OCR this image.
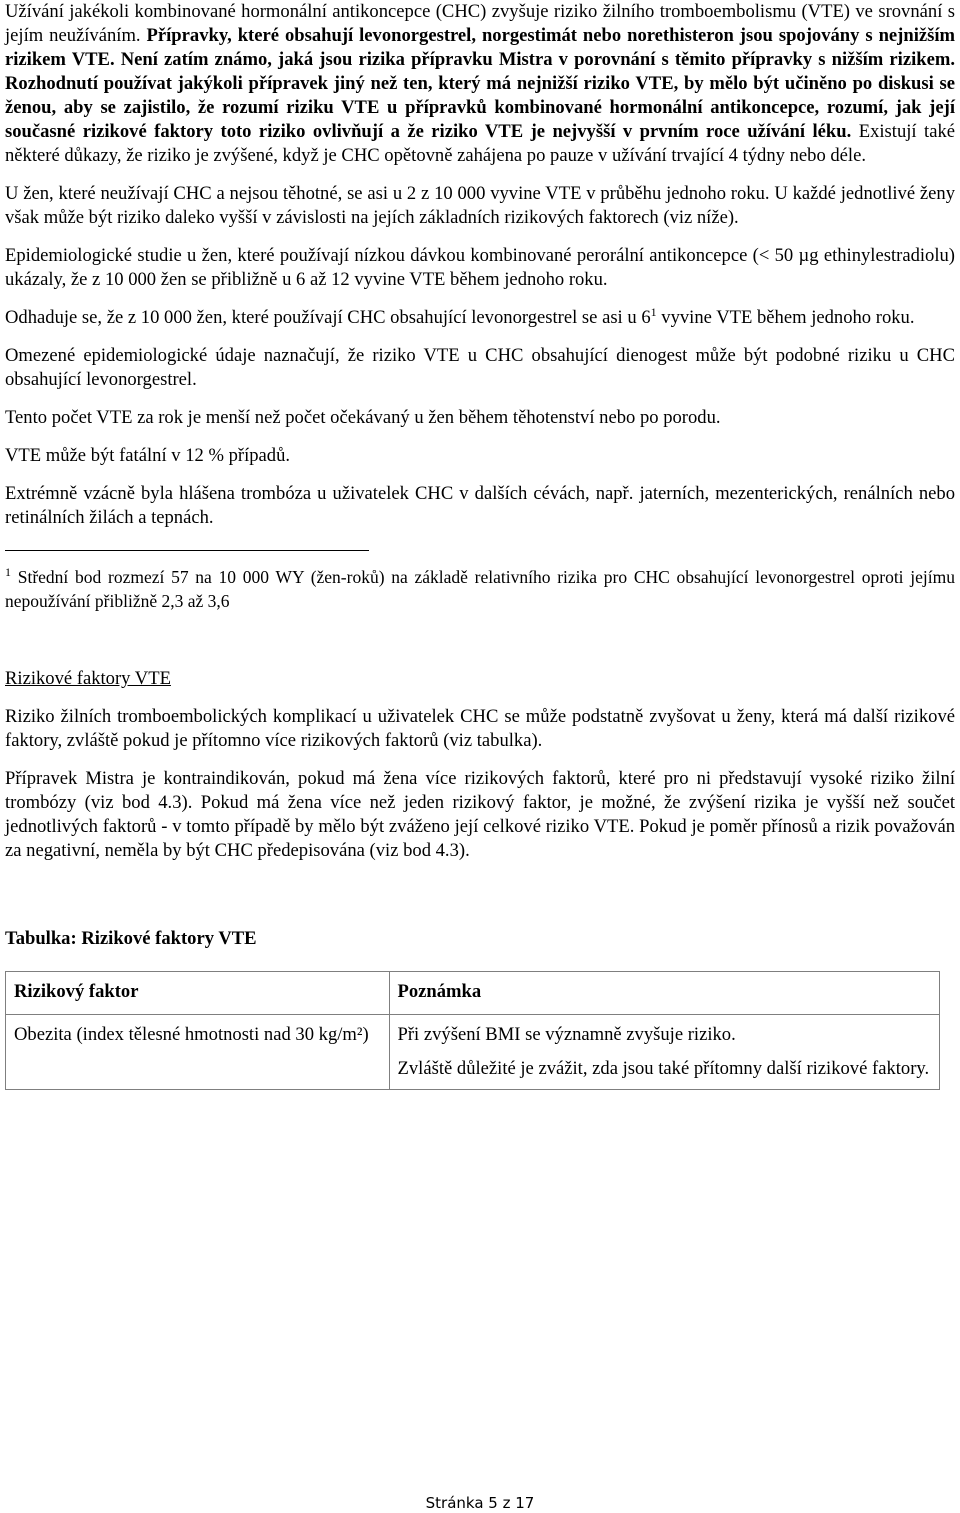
Užívání jakékoli kombinované hormonální antikoncepce (CHC) zvyšuje riziko žilního tromboembolismu (VTE) ve srovnání s jejím neužíváním. Přípravky, které obsahují levonorgestrel, norgestimát nebo norethisteron jsou spojovány s nejnižším rizikem VTE. Není zatím známo, jaká jsou rizika přípravku Mistra v porovnání s těmito přípravky s nižším rizikem. Rozhodnutí používat jakýkoli přípravek jiný než ten, který má nejnižší riziko VTE, by mělo být učiněno po diskusi se ženou, aby se zajistilo, že rozumí riziku VTE u přípravků kombinované hormonální antikoncepce, rozumí, jak její současné rizikové faktory toto riziko ovlivňují a že riziko VTE je nejvyšší v prvním roce užívání léku. Existují také některé důkazy, že riziko je zvýšené, když je CHC opětovně zahájena po pauze v užívání trvající 4 týdny nebo déle.

U žen, které neužívají CHC a nejsou těhotné, se asi u 2 z 10 000 vyvine VTE v průběhu jednoho roku. U každé jednotlivé ženy však může být riziko daleko vyšší v závislosti na jejích základních rizikových faktorech (viz níže).

Epidemiologické studie u žen, které používají nízkou dávkou kombinované perorální antikoncepce (< 50 µg ethinylestradiolu) ukázaly, že z 10 000 žen se přibližně u 6 až 12 vyvine VTE během jednoho roku.

Odhaduje se, že z 10 000 žen, které používají CHC obsahující levonorgestrel se asi u $6^1$ vyvine VTE během jednoho roku.

Omezené epidemiologické údaje naznačují, že riziko VTE u CHC obsahující dienogest může být podobné riziku u CHC obsahující levonorgestrel.

Tento počet VTE za rok je menší než počet očekávaný u žen během těhotenství nebo po porodu.

VTE může být fatální v 12 % případů.

Extrémně vzácně byla hlášena trombóza u uživatelek CHC v dalších cévách, např. jaterních, mezenterických, renálních nebo retinálních žilách a tepnách.

$^1$ Střední bod rozmezí 57 na 10 000 WY (žen-roků) na základě relativního rizika pro CHC obsahující levonorgestrel oproti jejímu nepoužívání přibližně 2,3 až 3,6

Rizikové faktory VTE

Riziko žilních tromboembolických komplikací u uživatelek CHC se může podstatně zvyšovat u ženy, která má další rizikové faktory, zvláště pokud je přítomno více rizikových faktorů (viz tabulka).

Přípravek Mistra je kontraindikován, pokud má žena více rizikových faktorů, které pro ni představují vysoké riziko žilní trombózy (viz bod 4.3). Pokud má žena více než jeden rizikový faktor, je možné, že zvýšení rizika je vyšší než součet jednotlivých faktorů - v tomto případě by mělo být zváženo její celkové riziko VTE. Pokud je poměr přínosů a rizik považován za negativní, neměla by být CHC předepisována (viz bod 4.3).

Tabulka: Rizikové faktory VTE

Rizikový faktor	Poznámka
Obezita (index tělesné hmotnosti nad 30 kg/m²)	Při zvýšení BMI se významně zvyšuje riziko.
Zvláště důležité je zvážit, zda jsou také přítomny další rizikové faktory.
Stránka 5 z 17
